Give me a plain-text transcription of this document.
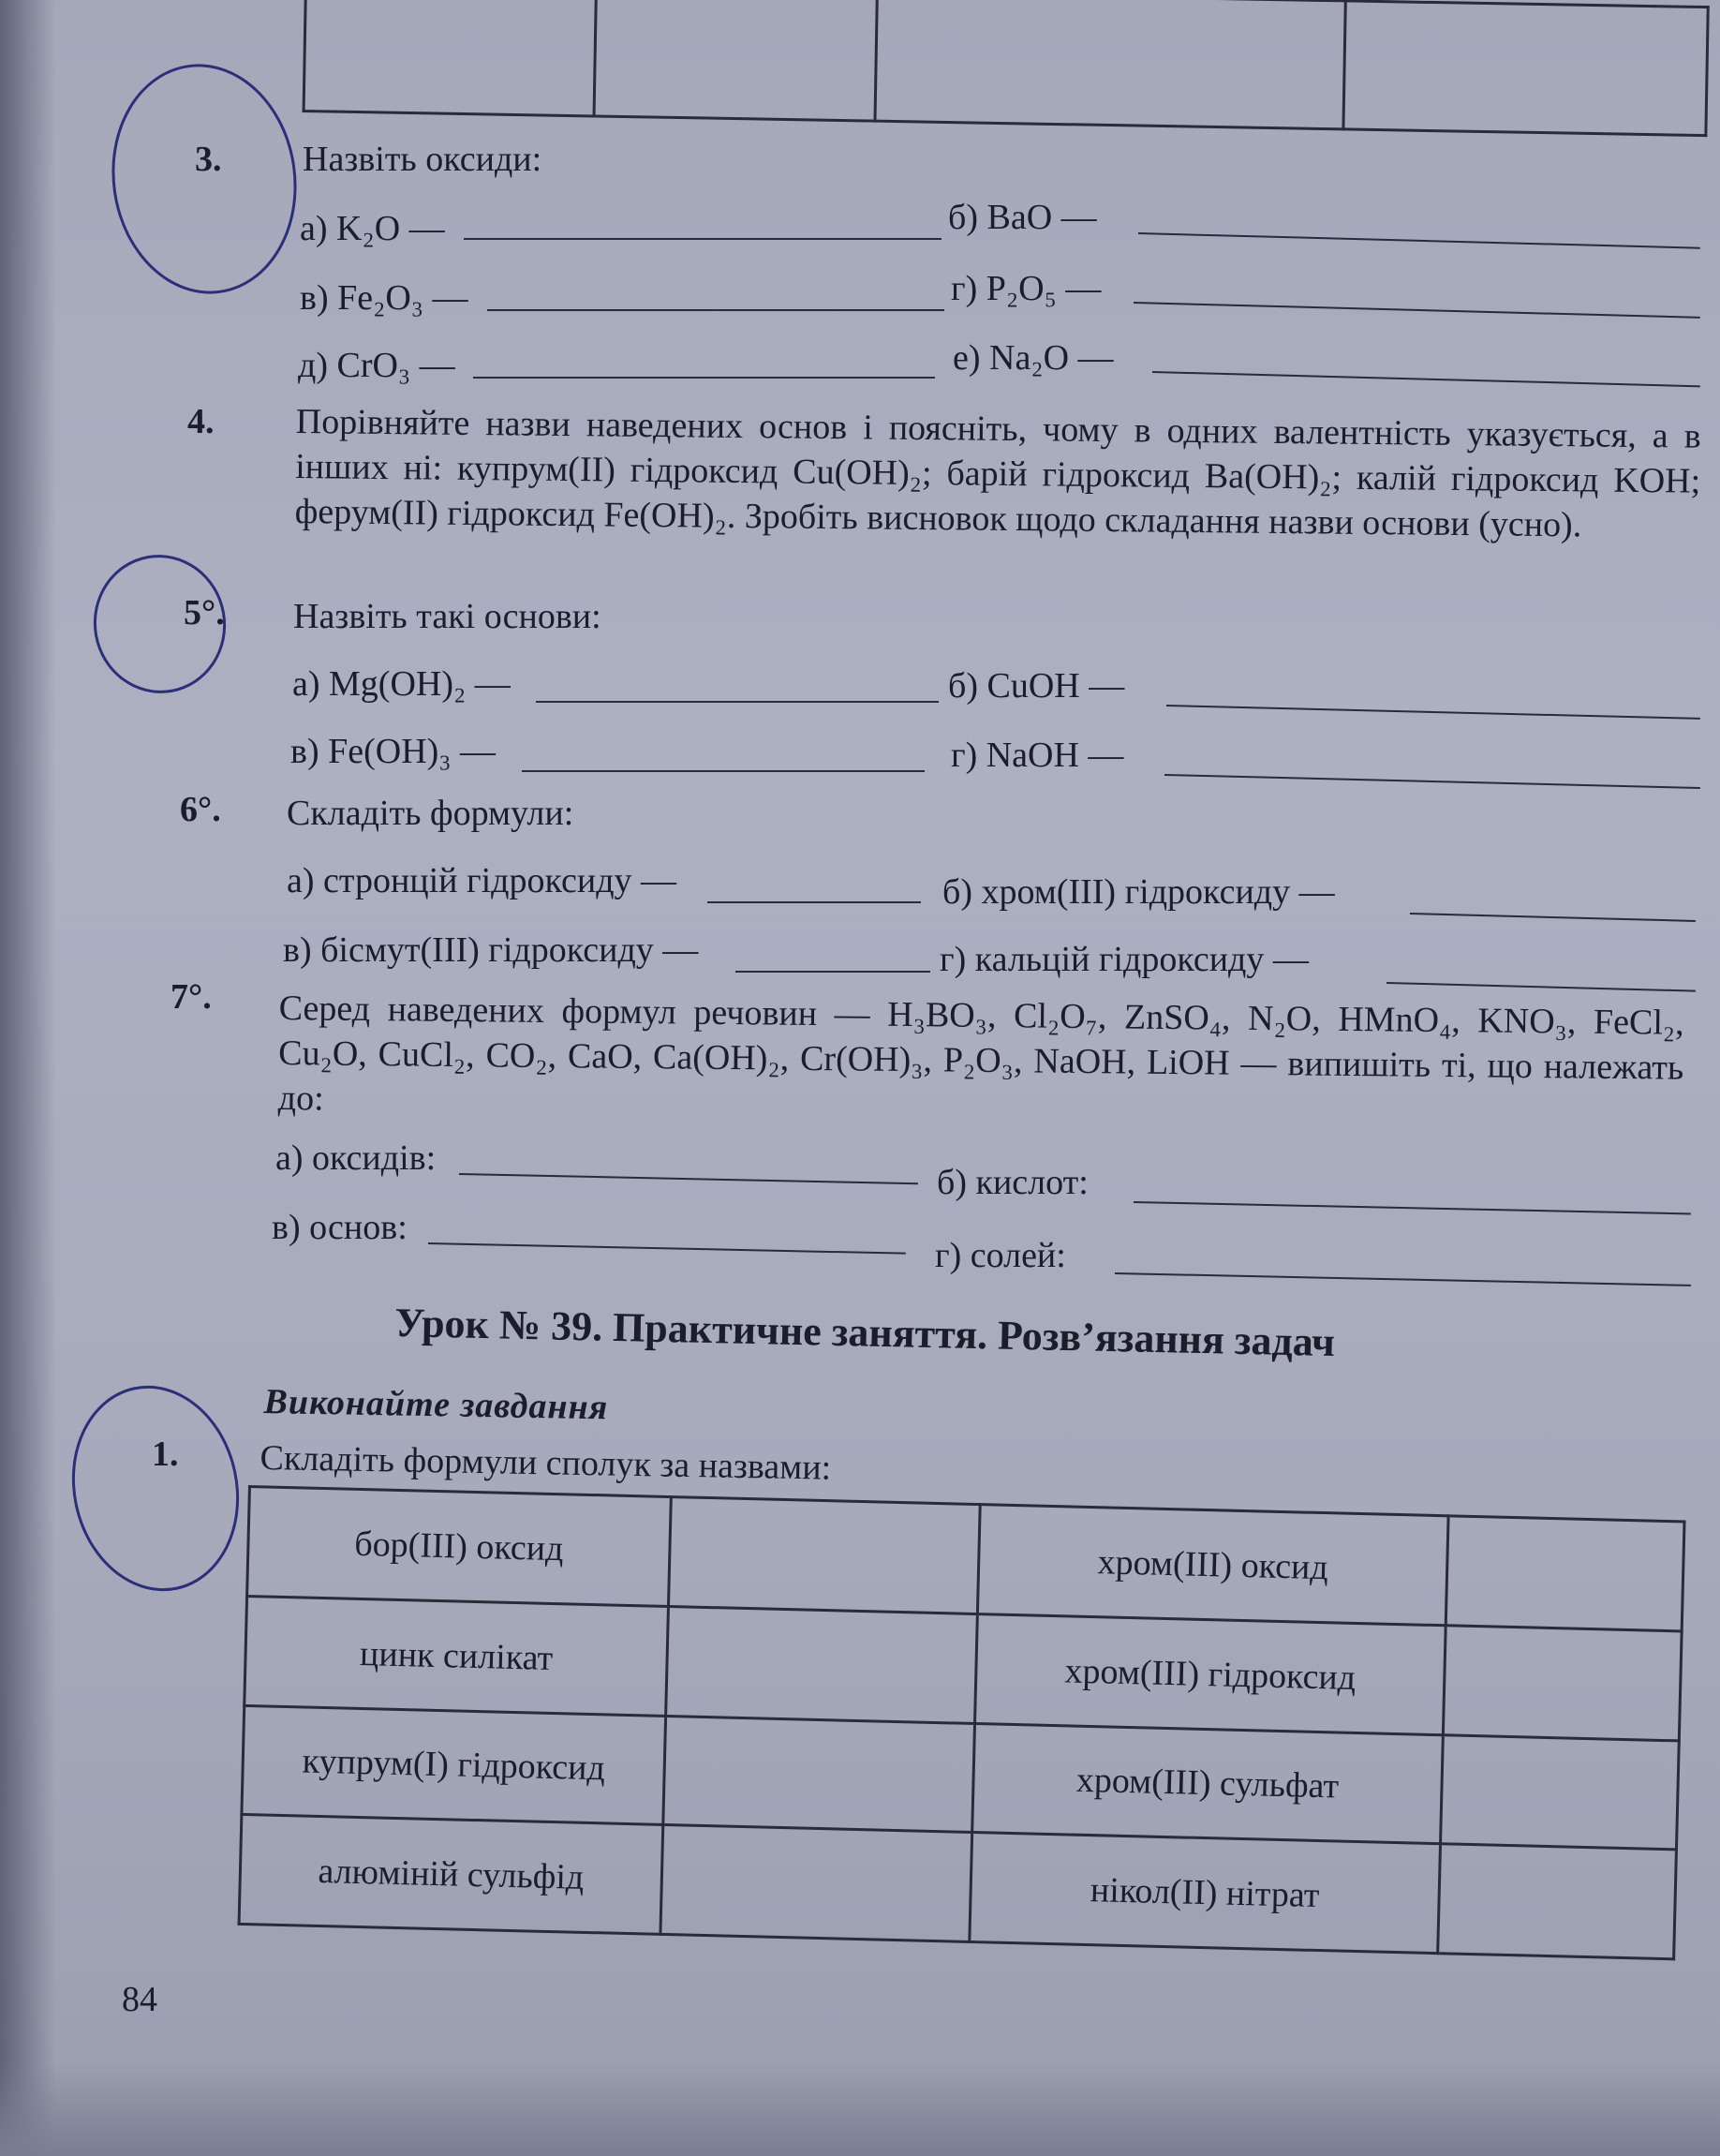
3. Назвіть оксиди:
а) K₂O —	б) BaO —
в) Fe₂O₃ —	г) P₂O₅ —
д) CrO₃ —	е) Na₂O —
4. Порівняйте назви наведених основ і поясніть, чому в одних валентність указується, а в інших ні: купрум(ІІ) гідроксид Cu(OH)₂; барій гідроксид Ba(OH)₂; калій гідроксид KOH; ферум(ІІ) гідроксид Fe(OH)₂. Зробіть висновок щодо складання назви основи (усно).
5°. Назвіть такі основи:
а) Mg(OH)₂ —	б) CuOH —
в) Fe(OH)₃ —	г) NaOH —
6°. Складіть формули:
а) стронцій гідроксиду —	б) хром(ІІІ) гідроксиду —
в) бісмут(ІІІ) гідроксиду —	г) кальцій гідроксиду —
7°. Серед наведених формул речовин — H₃BO₃, Cl₂O₇, ZnSO₄, N₂O, HMnO₄, KNO₃, FeCl₂, Cu₂O, CuCl₂, CO₂, CaO, Ca(OH)₂, Cr(OH)₃, P₂O₃, NaOH, LiOH — випишіть ті, що належать до:
а) оксидів:
б) кислот:
в) основ:
г) солей:
Урок № 39. Практичне заняття. Розв’язання задач
Виконайте завдання
1. Складіть формули сполук за назвами:
бор(ІІІ) оксид		хром(ІІІ) оксид	
цинк силікат		хром(ІІІ) гідроксид	
купрум(І) гідроксид		хром(ІІІ) сульфат	
алюміній сульфід		нікол(ІІ) нітрат	
84
